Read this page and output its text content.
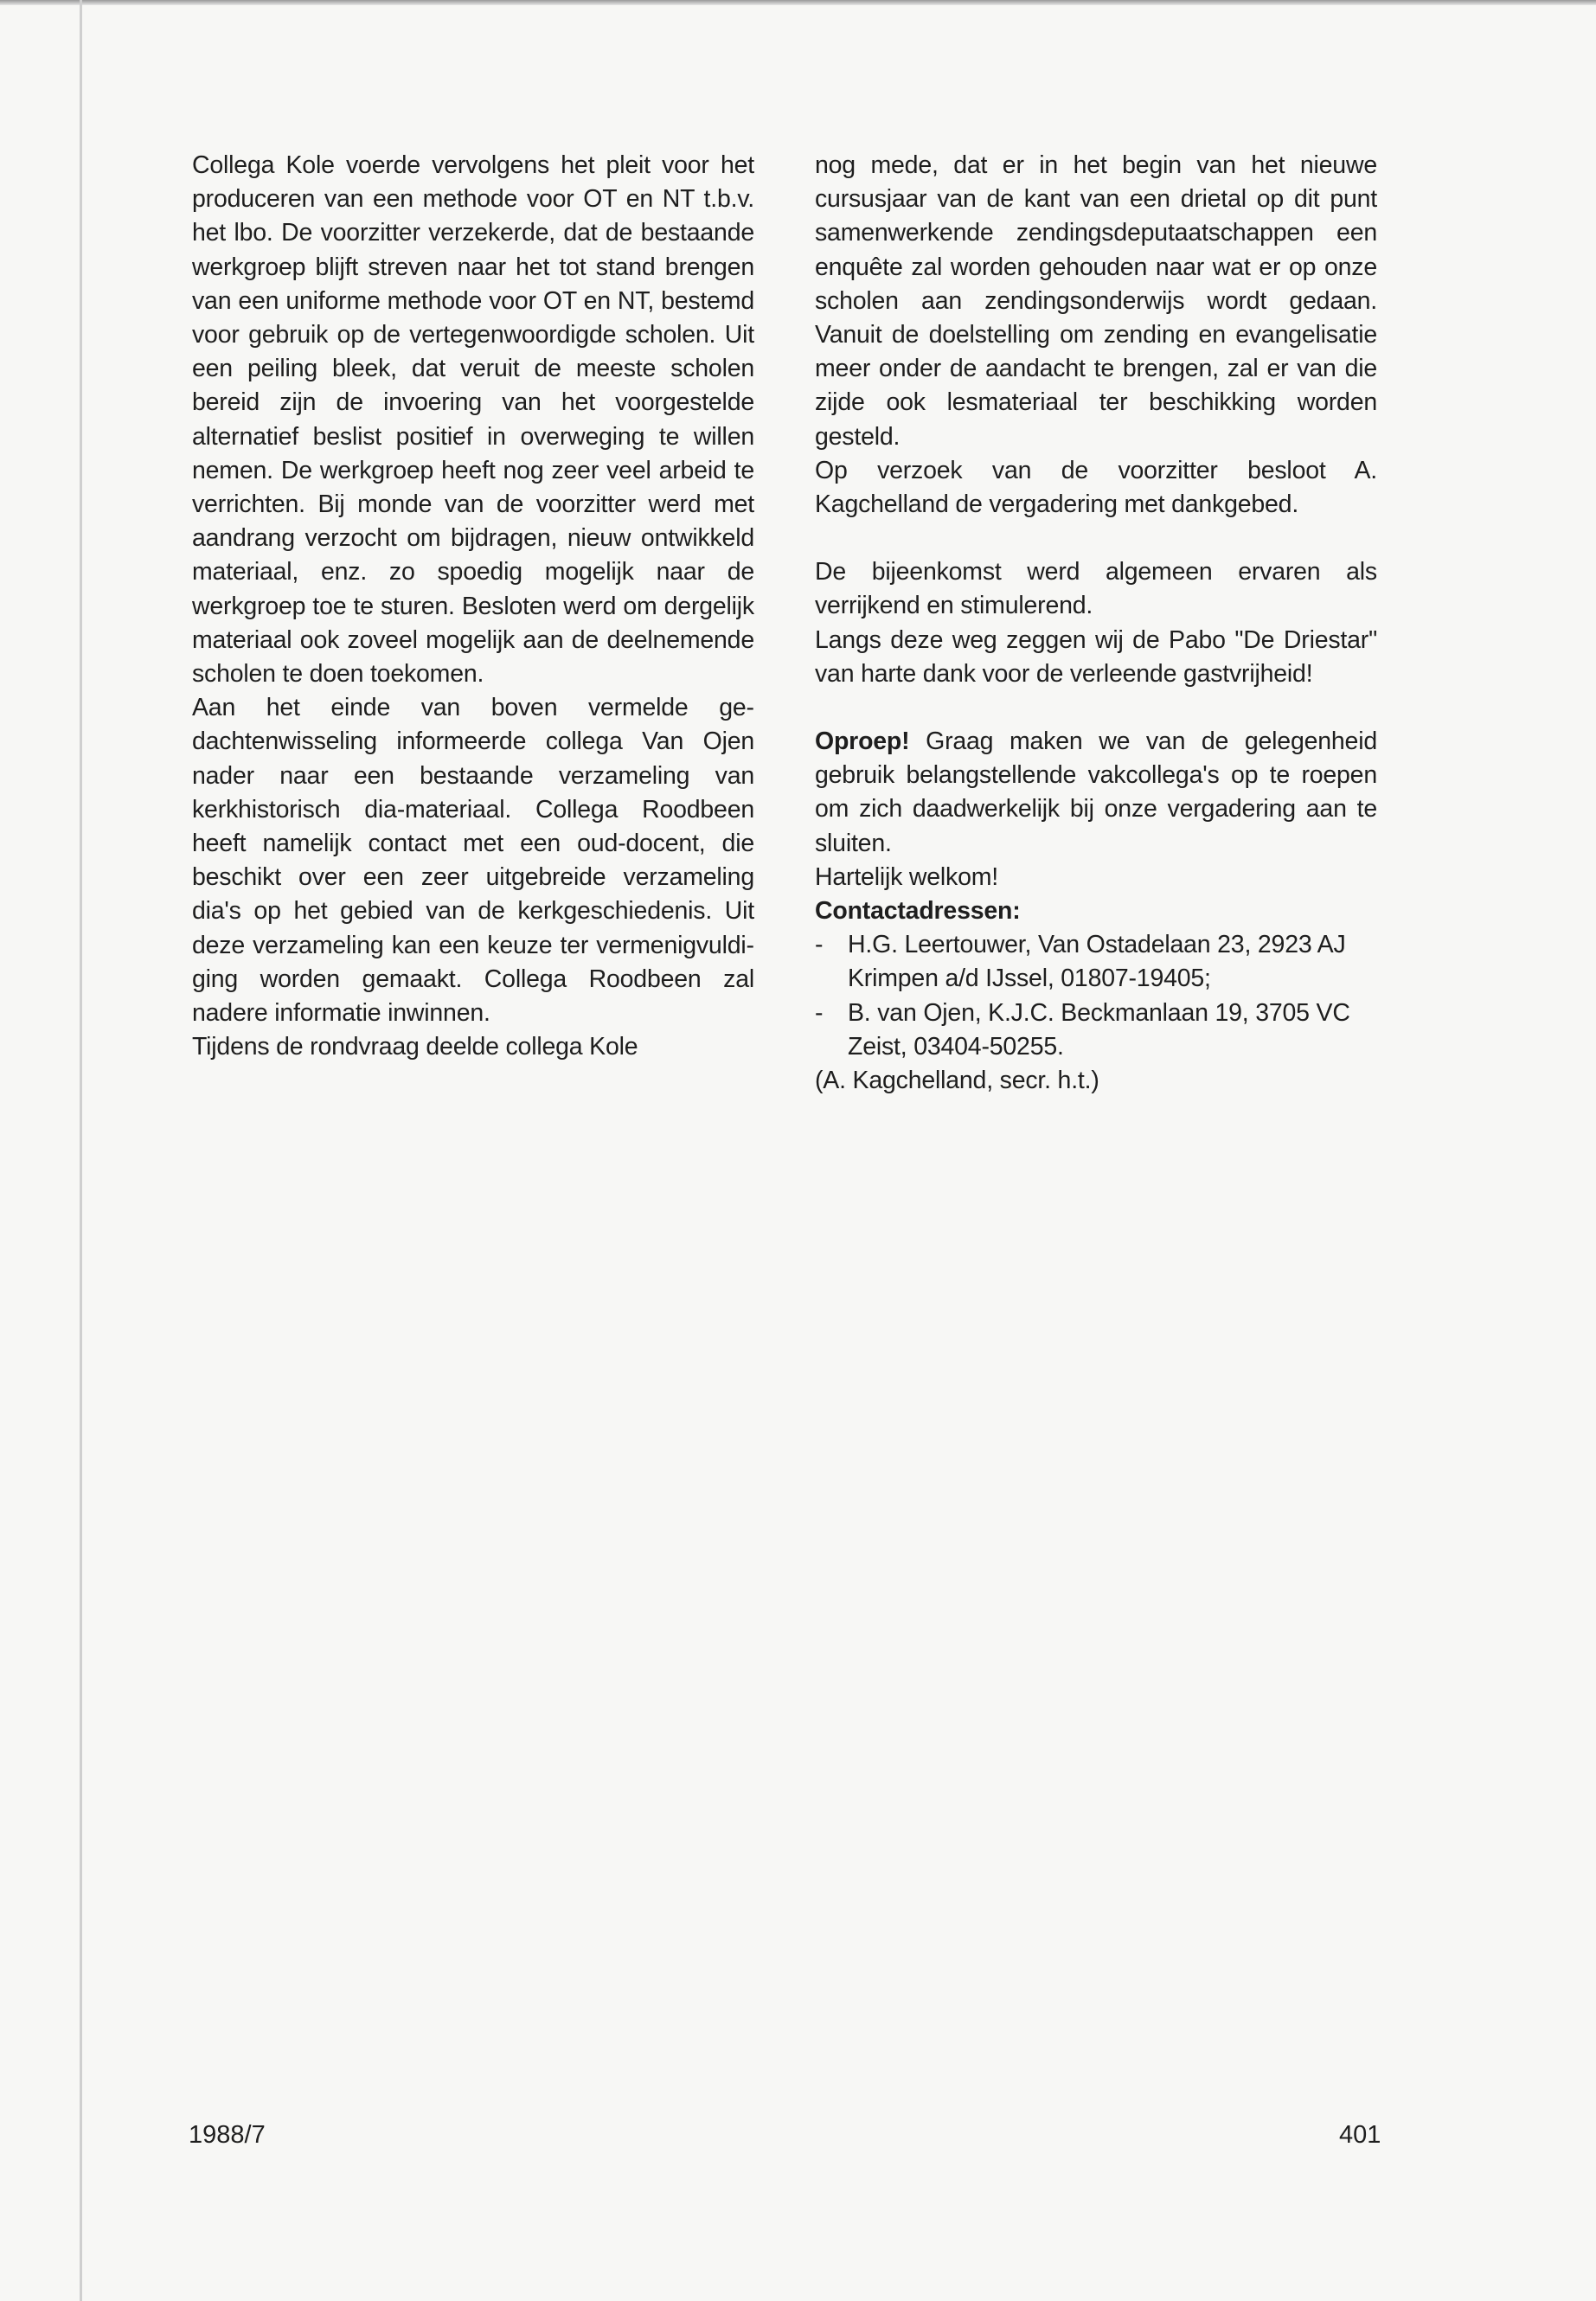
Collega Kole voerde vervolgens het pleit voor het produceren van een methode voor OT en NT t.b.v. het lbo. De voorzitter verzekerde, dat de bestaande werkgroep blijft streven naar het tot stand brengen van een uniforme methode voor OT en NT, bestemd voor gebruik op de vertegenwoordigde scholen. Uit een peiling bleek, dat veruit de meeste scholen bereid zijn de invoering van het voorgestelde alternatief beslist positief in overweging te willen nemen. De werkgroep heeft nog zeer veel arbeid te verrichten. Bij monde van de voorzitter werd met aandrang verzocht om bijdragen, nieuw ontwikkeld materiaal, enz. zo spoedig mogelijk naar de werkgroep toe te sturen. Besloten werd om dergelijk materiaal ook zoveel mogelijk aan de deelnemende scholen te doen toekomen.

Aan het einde van boven vermelde gedachtenwisseling informeerde collega Van Ojen nader naar een bestaande verzameling van kerkhistorisch dia-materiaal. Collega Roodbeen heeft namelijk contact met een oud-docent, die beschikt over een zeer uitgebreide verzameling dia's op het gebied van de kerkgeschiedenis. Uit deze verzameling kan een keuze ter vermenigvuldiging worden gemaakt. Collega Roodbeen zal nadere informatie inwinnen.

Tijdens de rondvraag deelde collega Kole

nog mede, dat er in het begin van het nieuwe cursusjaar van de kant van een drietal op dit punt samenwerkende zendingsdeputaatschappen een enquête zal worden gehouden naar wat er op onze scholen aan zendingsonderwijs wordt gedaan. Vanuit de doelstelling om zending en evangelisatie meer onder de aandacht te brengen, zal er van die zijde ook lesmateriaal ter beschikking worden gesteld.

Op verzoek van de voorzitter besloot A. Kagchelland de vergadering met dankgebed.

De bijeenkomst werd algemeen ervaren als verrijkend en stimulerend.

Langs deze weg zeggen wij de Pabo "De Driestar" van harte dank voor de verleende gastvrijheid!

Oproep! Graag maken we van de gelegenheid gebruik belangstellende vakcollega's op te roepen om zich daadwerkelijk bij onze vergadering aan te sluiten.

Hartelijk welkom!

Contactadressen:

- H.G. Leertouwer, Van Ostadelaan 23, 2923 AJ Krimpen a/d IJssel, 01807-19405;
- B. van Ojen, K.J.C. Beckmanlaan 19, 3705 VC Zeist, 03404-50255.

(A. Kagchelland, secr. h.t.)

1988/7	401
